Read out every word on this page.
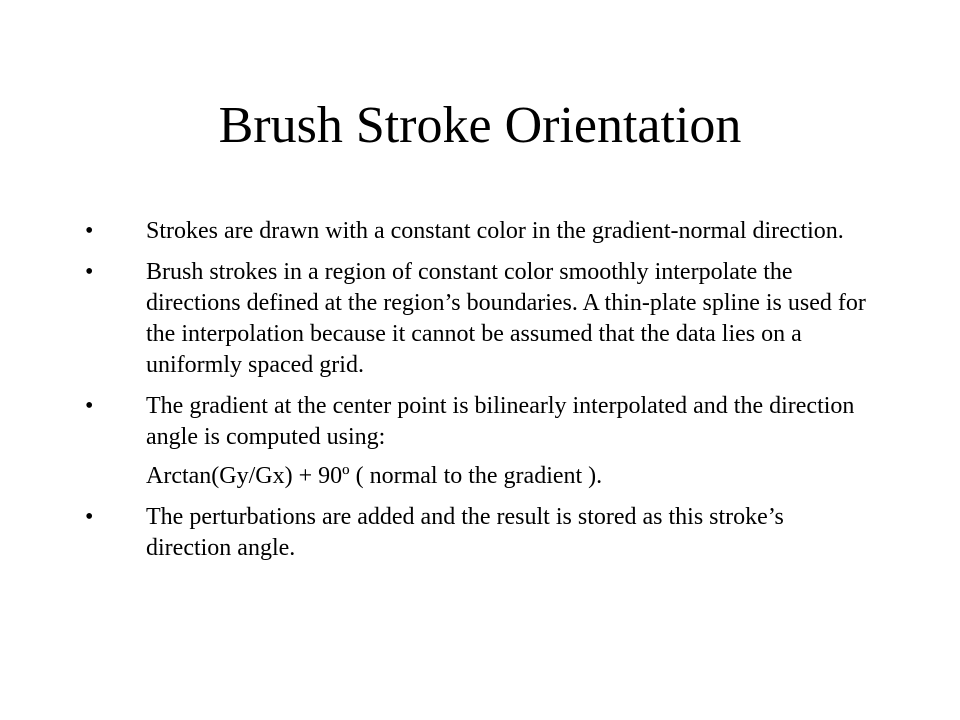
Brush Stroke Orientation
• Strokes are drawn with a constant color in the gradient-normal direction.
• Brush strokes in a region of constant color smoothly interpolate the directions defined at the region’s boundaries. A thin-plate spline is used for the interpolation because it cannot be assumed that the data lies on a uniformly spaced grid.
• The gradient at the center point is bilinearly interpolated and the direction angle is computed using:
Arctan(Gy/Gx) + 90º ( normal to the gradient ).
• The perturbations are added and the result is stored as this stroke’s direction angle.
